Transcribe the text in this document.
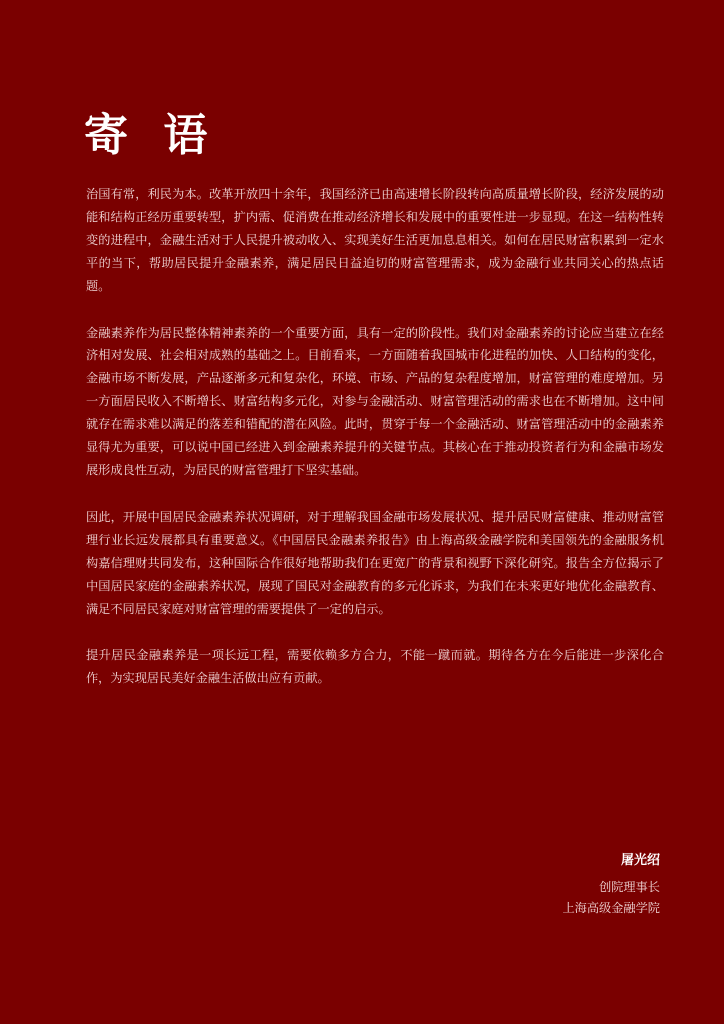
寄 语

治国有常，利民为本。改革开放四十余年，我国经济已由高速增长阶段转向高质量增长阶段，经济发展的动能和结构正经历重要转型，扩内需、促消费在推动经济增长和发展中的重要性进一步显现。在这一结构性转变的进程中，金融生活对于人民提升被动收入、实现美好生活更加息息相关。如何在居民财富积累到一定水平的当下，帮助居民提升金融素养，满足居民日益迫切的财富管理需求，成为金融行业共同关心的热点话题。

金融素养作为居民整体精神素养的一个重要方面，具有一定的阶段性。我们对金融素养的讨论应当建立在经济相对发展、社会相对成熟的基础之上。目前看来，一方面随着我国城市化进程的加快、人口结构的变化，金融市场不断发展，产品逐渐多元和复杂化，环境、市场、产品的复杂程度增加，财富管理的难度增加。另一方面居民收入不断增长、财富结构多元化，对参与金融活动、财富管理活动的需求也在不断增加。这中间就存在需求难以满足的落差和错配的潜在风险。此时，贯穿于每一个金融活动、财富管理活动中的金融素养显得尤为重要，可以说中国已经进入到金融素养提升的关键节点。其核心在于推动投资者行为和金融市场发展形成良性互动，为居民的财富管理打下坚实基础。

因此，开展中国居民金融素养状况调研，对于理解我国金融市场发展状况、提升居民财富健康、推动财富管理行业长远发展都具有重要意义。《中国居民金融素养报告》由上海高级金融学院和美国领先的金融服务机构嘉信理财共同发布，这种国际合作很好地帮助我们在更宽广的背景和视野下深化研究。报告全方位揭示了中国居民家庭的金融素养状况，展现了国民对金融教育的多元化诉求，为我们在未来更好地优化金融教育、满足不同居民家庭对财富管理的需要提供了一定的启示。

提升居民金融素养是一项长远工程，需要依赖多方合力，不能一蹴而就。期待各方在今后能进一步深化合作，为实现居民美好金融生活做出应有贡献。

屠光绍
创院理事长
上海高级金融学院
